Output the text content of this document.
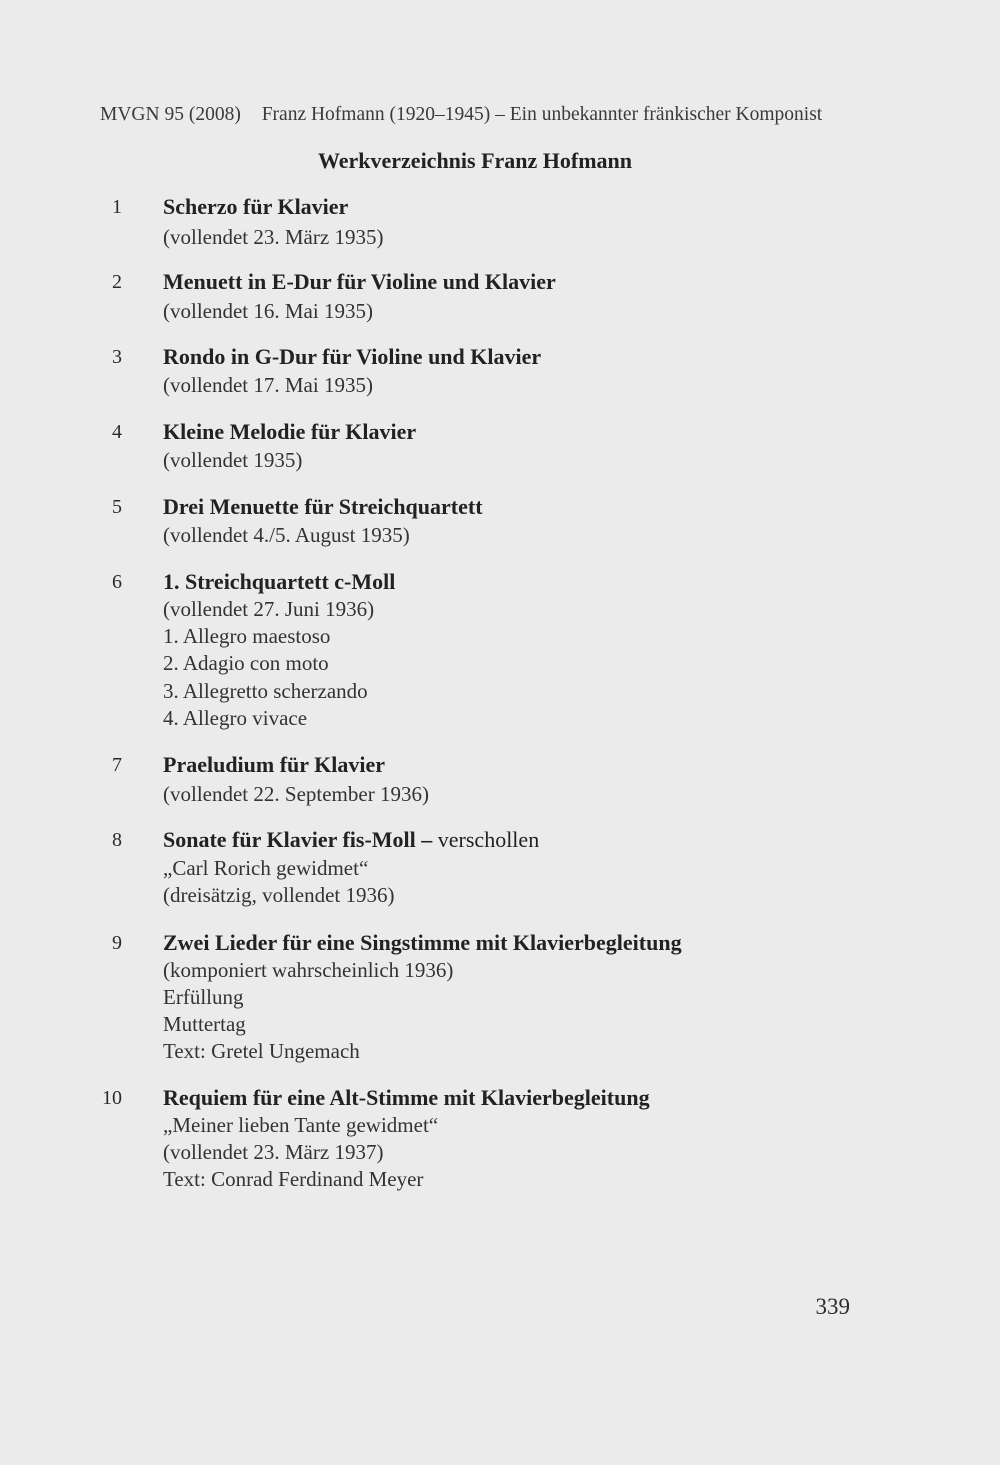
MVGN 95 (2008) Franz Hofmann (1920–1945) – Ein unbekannter fränkischer Komponist
Werkverzeichnis Franz Hofmann
1 Scherzo für Klavier
(vollendet 23. März 1935)
2 Menuett in E-Dur für Violine und Klavier
(vollendet 16. Mai 1935)
3 Rondo in G-Dur für Violine und Klavier
(vollendet 17. Mai 1935)
4 Kleine Melodie für Klavier
(vollendet 1935)
5 Drei Menuette für Streichquartett
(vollendet 4./5. August 1935)
6 1. Streichquartett c-Moll
(vollendet 27. Juni 1936)
1. Allegro maestoso
2. Adagio con moto
3. Allegretto scherzando
4. Allegro vivace
7 Praeludium für Klavier
(vollendet 22. September 1936)
8 Sonate für Klavier fis-Moll – verschollen
„Carl Rorich gewidmet“
(dreisätzig, vollendet 1936)
9 Zwei Lieder für eine Singstimme mit Klavierbegleitung
(komponiert wahrscheinlich 1936)
Erfüllung
Muttertag
Text: Gretel Ungemach
10 Requiem für eine Alt-Stimme mit Klavierbegleitung
„Meiner lieben Tante gewidmet“
(vollendet 23. März 1937)
Text: Conrad Ferdinand Meyer
339
